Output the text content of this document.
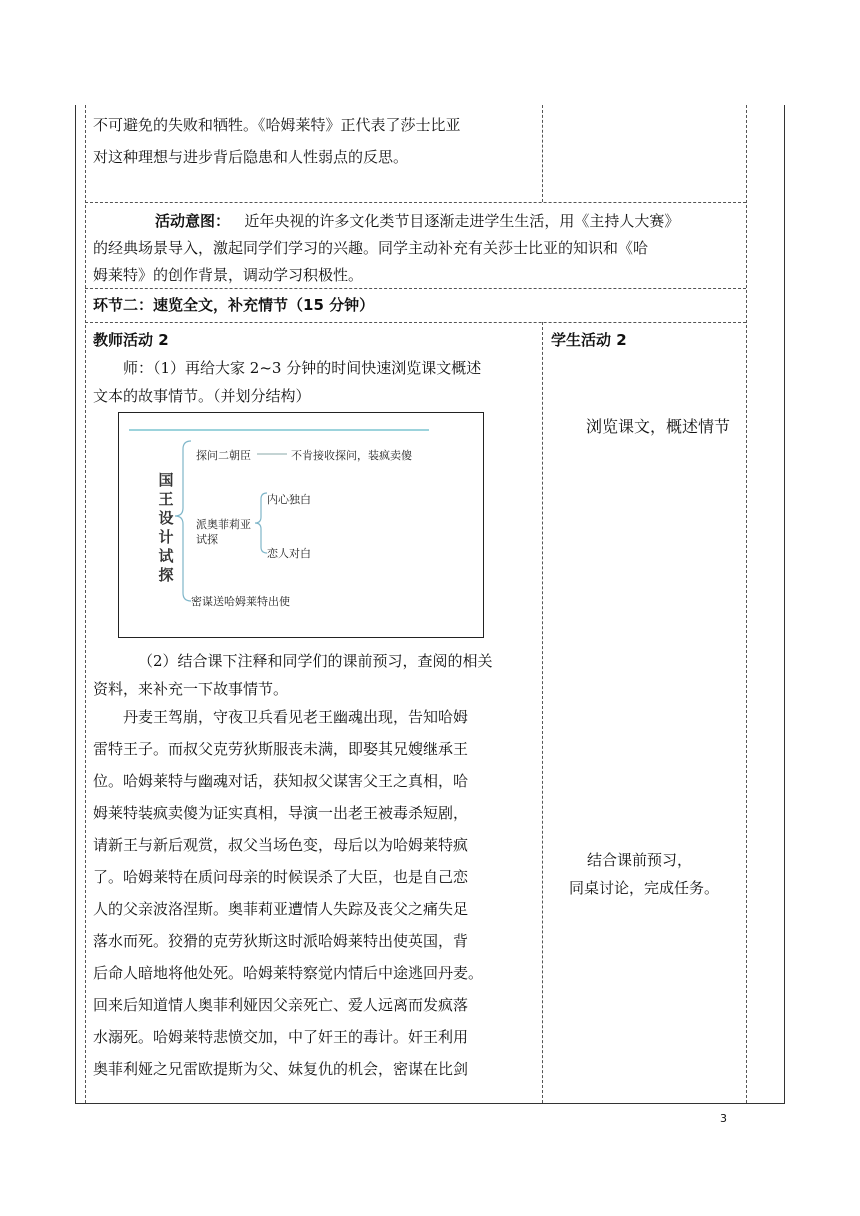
不可避免的失败和牺牲。《哈姆莱特》正代表了莎士比亚
对这种理想与进步背后隐患和人性弱点的反思。
活动意图： 近年央视的许多文化类节目逐渐走进学生生活，用《主持人大赛》
的经典场景导入，激起同学们学习的兴趣。同学主动补充有关莎士比亚的知识和《哈
姆莱特》的创作背景，调动学习积极性。
环节二：速览全文，补充情节（15 分钟）
教师活动 2
师：（1）再给大家 2~3 分钟的时间快速浏览课文概述
文本的故事情节。（并划分结构）
国王设计试探
探问二朝臣	不肯接收探问，装疯卖傻
派奥菲莉亚试探
内心独白
恋人对白
密谋送哈姆莱特出使
（2）结合课下注释和同学们的课前预习，查阅的相关
资料，来补充一下故事情节。
丹麦王驾崩，守夜卫兵看见老王幽魂出现，告知哈姆
雷特王子。而叔父克劳狄斯服丧未满，即娶其兄嫂继承王
位。哈姆莱特与幽魂对话，获知叔父谋害父王之真相，哈
姆莱特装疯卖傻为证实真相，导演一出老王被毒杀短剧，
请新王与新后观赏，叔父当场色变，母后以为哈姆莱特疯
了。哈姆莱特在质问母亲的时候误杀了大臣，也是自己恋
人的父亲波洛涅斯。奥菲莉亚遭情人失踪及丧父之痛失足
落水而死。狡猾的克劳狄斯这时派哈姆莱特出使英国，背
后命人暗地将他处死。哈姆莱特察觉内情后中途逃回丹麦。
回来后知道情人奥菲利娅因父亲死亡、爱人远离而发疯落
水溺死。哈姆莱特悲愤交加，中了奸王的毒计。奸王利用
奥菲利娅之兄雷欧提斯为父、妹复仇的机会，密谋在比剑
学生活动 2
浏览课文，概述情节
结合课前预习，
同桌讨论，完成任务。
3
